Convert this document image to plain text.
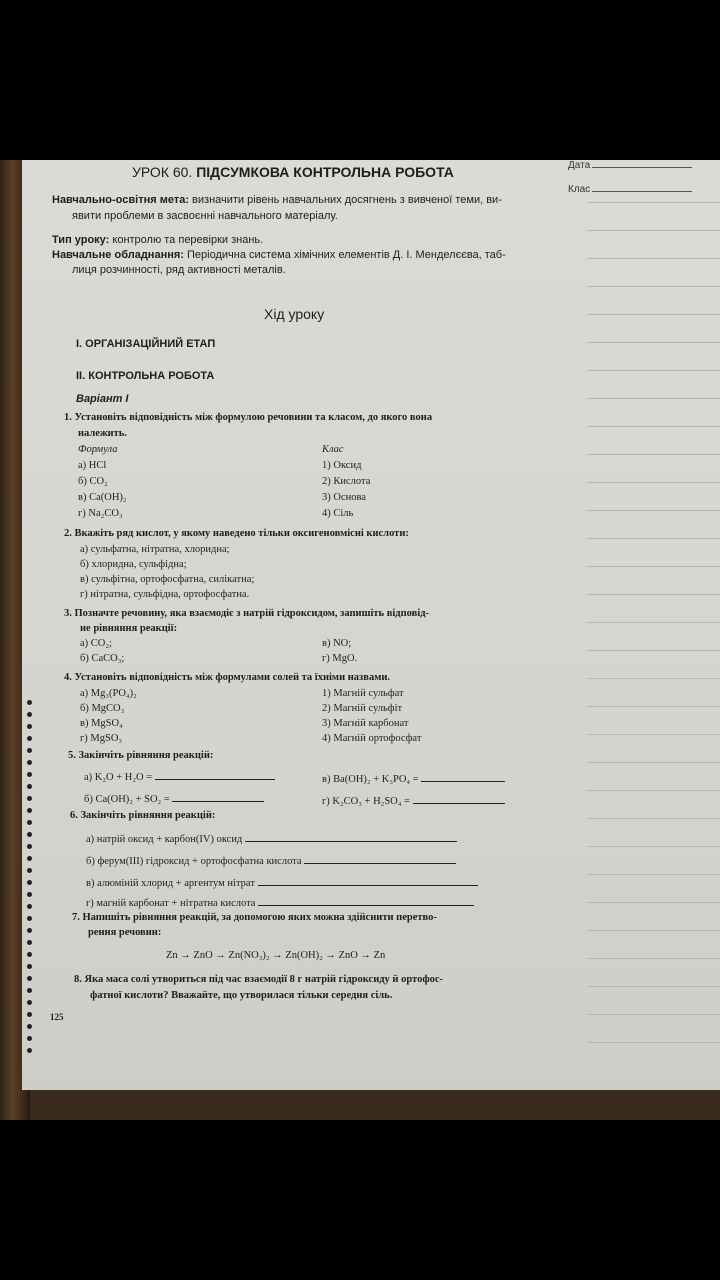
Дата
Клас
УРОК 60. ПІДСУМКОВА КОНТРОЛЬНА РОБОТА
Навчально-освітня мета: визначити рівень навчальних досягнень з вивченої теми, ви-
явити проблеми в засвоєнні навчального матеріалу.
Тип уроку: контролю та перевірки знань.
Навчальне обладнання: Періодична система хімічних елементів Д. І. Менделєєва, таб-
лиця розчинності, ряд активності металів.
Хід уроку
І. ОРГАНІЗАЦІЙНИЙ ЕТАП
ІІ. КОНТРОЛЬНА РОБОТА
Варіант І
1. Установіть відповідність між формулою речовини та класом, до якого вона
належить.
Формула	Клас
а) HCl
б) CO₂
в) Ca(OH)₂
г) Na₂CO₃
1) Оксид
2) Кислота
3) Основа
4) Сіль
2. Вкажіть ряд кислот, у якому наведено тільки оксигеновмісні кислоти:
а) сульфатна, нітратна, хлоридна;
б) хлоридна, сульфідна;
в) сульфітна, ортофосфатна, силікатна;
г) нітратна, сульфідна, ортофосфатна.
3. Позначте речовину, яка взаємодіє з натрій гідроксидом, запишіть відповід-
не рівняння реакції:
а) CO₂;
б) CaCO₃;
в) NO;
г) MgO.
4. Установіть відповідність між формулами солей та їхніми назвами.
а) Mg₃(PO₄)₂
б) MgCO₃
в) MgSO₄
г) MgSO₃
1) Магній сульфат
2) Магній сульфіт
3) Магній карбонат
4) Магній ортофосфат
5. Закінчіть рівняння реакцій:
а) K₂O + H₂O =
б) Ca(OH)₂ + SO₂ =
в) Ba(OH)₂ + K₃PO₄ =
г) K₂CO₃ + H₂SO₄ =
6. Закінчіть рівняння реакцій:
а) натрій оксид + карбон(IV) оксид
б) ферум(ІІІ) гідроксид + ортофосфатна кислота
в) алюміній хлорид + аргентум нітрат
г) магній карбонат + нітратна кислота
7. Напишіть рівняння реакцій, за допомогою яких можна здійснити перетво-
рення речовин:
Zn → ZnO → Zn(NO₃)₂ → Zn(OH)₂ → ZnO → Zn
8. Яка маса солі утвориться під час взаємодії 8 г натрій гідроксиду й ортофос-
фатної кислоти? Вважайте, що утворилася тільки середня сіль.
125
